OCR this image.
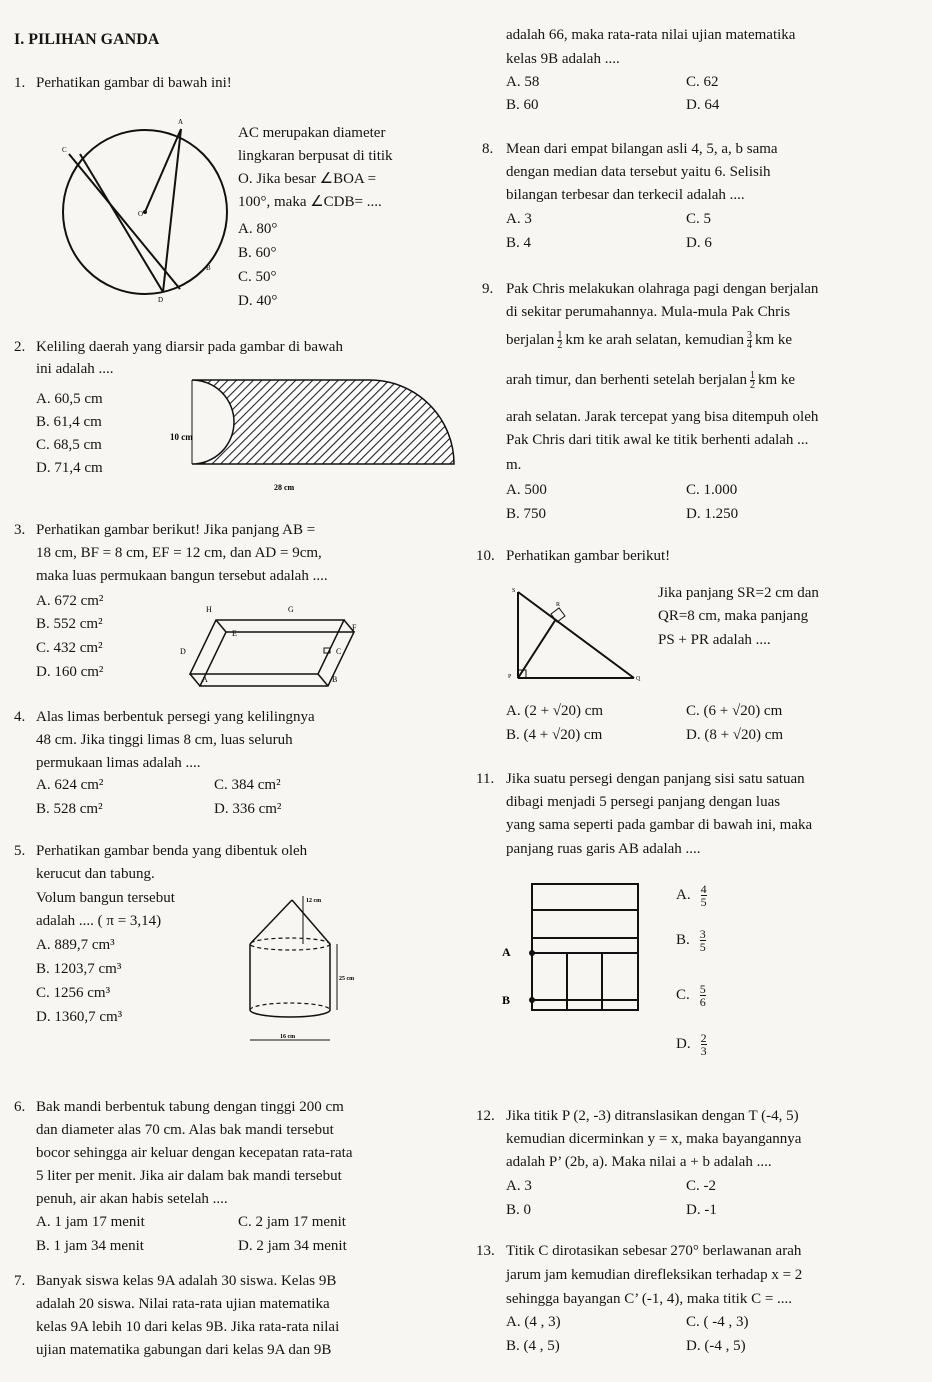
I. PILIHAN GANDA
1. Perhatikan gambar di bawah ini!
AC merupakan diameter
lingkaran berpusat di titik
O. Jika besar ∠BOA =
100°, maka ∠CDB= ....
A. 80°
B. 60°
C. 50°
D. 40°
A
C
O
B
D
2. Keliling daerah yang diarsir pada gambar di bawah
ini adalah ....
A. 60,5 cm
B. 61,4 cm
C. 68,5 cm
D. 71,4 cm
10 cm
28 cm
3. Perhatikan gambar berikut! Jika panjang AB =
18 cm, BF = 8 cm, EF = 12 cm, dan AD = 9cm,
maka luas permukaan bangun tersebut adalah ....
A. 672 cm²
B. 552 cm²
C. 432 cm²
D. 160 cm²
H	G
E
F
D	C
A	B
4. Alas limas berbentuk persegi yang kelilingnya
48 cm. Jika tinggi limas 8 cm, luas seluruh
permukaan limas adalah ....
A. 624 cm²	C. 384 cm²
B. 528 cm²	D. 336 cm²
5. Perhatikan gambar benda yang dibentuk oleh
kerucut dan tabung.
Volum bangun tersebut
adalah .... ( π = 3,14)
A. 889,7 cm³
B. 1203,7 cm³
C. 1256 cm³
D. 1360,7 cm³
12 cm
25 cm
16 cm
6. Bak mandi berbentuk tabung dengan tinggi 200 cm
dan diameter alas 70 cm. Alas bak mandi tersebut
bocor sehingga air keluar dengan kecepatan rata-rata
5 liter per menit. Jika air dalam bak mandi tersebut
penuh, air akan habis setelah ....
A. 1 jam 17 menit	C. 2 jam 17 menit
B. 1 jam 34 menit	D. 2 jam 34 menit
7. Banyak siswa kelas 9A adalah 30 siswa. Kelas 9B
adalah 20 siswa. Nilai rata-rata ujian matematika
kelas 9A lebih 10 dari kelas 9B. Jika rata-rata nilai
ujian matematika gabungan dari kelas 9A dan 9B
adalah 66, maka rata-rata nilai ujian matematika
kelas 9B adalah ....
A. 58	C. 62
B. 60	D. 64
8. Mean dari empat bilangan asli 4, 5, a, b sama
dengan median data tersebut yaitu 6. Selisih
bilangan terbesar dan terkecil adalah ....
A. 3	C. 5
B. 4	D. 6
9. Pak Chris melakukan olahraga pagi dengan berjalan
di sekitar perumahannya. Mula-mula Pak Chris
berjalan $\frac{1}{2}$ km ke arah selatan, kemudian $\frac{3}{4}$ km ke
arah timur, dan berhenti setelah berjalan $\frac{1}{2}$ km ke
arah selatan. Jarak tercepat yang bisa ditempuh oleh
Pak Chris dari titik awal ke titik berhenti adalah ...
m.
A. 500	C. 1.000
B. 750	D. 1.250
10. Perhatikan gambar berikut!
Jika panjang SR=2 cm dan
QR=8 cm, maka panjang
PS + PR adalah ....
S
R
P	Q
A. (2 + √20) cm	C. (6 + √20) cm
B. (4 + √20) cm	D. (8 + √20) cm
11. Jika suatu persegi dengan panjang sisi satu satuan
dibagi menjadi 5 persegi panjang dengan luas
yang sama seperti pada gambar di bawah ini, maka
panjang ruas garis AB adalah ....
A
B
A. $\frac{4}{5}$
B. $\frac{3}{5}$
C. $\frac{5}{6}$
D. $\frac{2}{3}$
12. Jika titik P (2, -3) ditranslasikan dengan T (-4, 5)
kemudian dicerminkan y = x, maka bayangannya
adalah P’ (2b, a). Maka nilai a + b adalah ....
A. 3	C. -2
B. 0	D. -1
13. Titik C dirotasikan sebesar 270° berlawanan arah
jarum jam kemudian direfleksikan terhadap x = 2
sehingga bayangan C’ (-1, 4), maka titik C = ....
A. (4 , 3)	C. ( -4 , 3)
B. (4 , 5)	D. (-4 , 5)
